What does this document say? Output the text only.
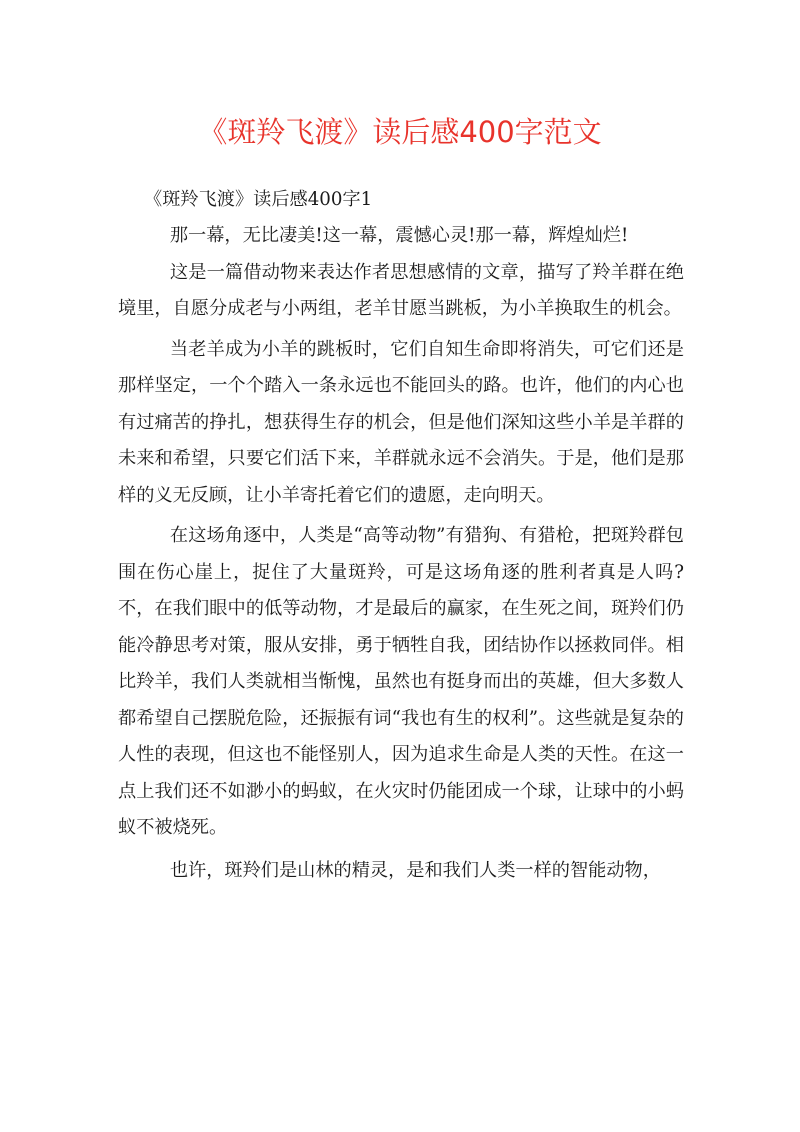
《斑羚飞渡》读后感400字范文

《斑羚飞渡》读后感400字1

那一幕，无比凄美!这一幕，震憾心灵!那一幕，辉煌灿烂!

这是一篇借动物来表达作者思想感情的文章，描写了羚羊群在绝境里，自愿分成老与小两组，老羊甘愿当跳板，为小羊换取生的机会。

当老羊成为小羊的跳板时，它们自知生命即将消失，可它们还是那样坚定，一个个踏入一条永远也不能回头的路。也许，他们的内心也有过痛苦的挣扎，想获得生存的机会，但是他们深知这些小羊是羊群的未来和希望，只要它们活下来，羊群就永远不会消失。于是，他们是那样的义无反顾，让小羊寄托着它们的遗愿，走向明天。

在这场角逐中，人类是“高等动物”有猎狗、有猎枪，把斑羚群包围在伤心崖上，捉住了大量斑羚，可是这场角逐的胜利者真是人吗?不，在我们眼中的低等动物，才是最后的赢家，在生死之间，斑羚们仍能冷静思考对策，服从安排，勇于牺牲自我，团结协作以拯救同伴。相比羚羊，我们人类就相当惭愧，虽然也有挺身而出的英雄，但大多数人都希望自己摆脱危险，还振振有词“我也有生的权利”。这些就是复杂的人性的表现，但这也不能怪别人，因为追求生命是人类的天性。在这一点上我们还不如渺小的蚂蚁，在火灾时仍能团成一个球，让球中的小蚂蚁不被烧死。

也许，斑羚们是山林的精灵，是和我们人类一样的智能动物，
